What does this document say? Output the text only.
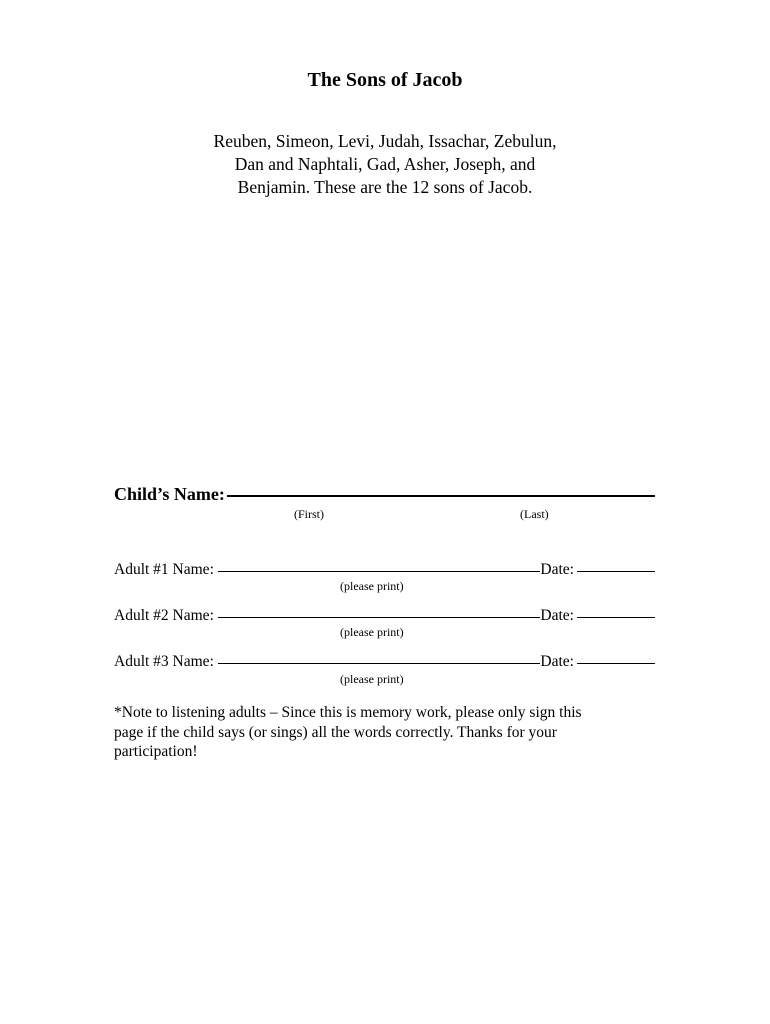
The Sons of Jacob
Reuben, Simeon, Levi, Judah, Issachar, Zebulun,
Dan and Naphtali, Gad, Asher, Joseph, and
Benjamin. These are the 12 sons of Jacob.
Child’s Name:
(First)	(Last)
Adult #1 Name:	Date:
(please print)
Adult #2 Name:	Date:
(please print)
Adult #3 Name:	Date:
(please print)
*Note to listening adults – Since this is memory work, please only sign this
page if the child says (or sings) all the words correctly. Thanks for your
participation!
